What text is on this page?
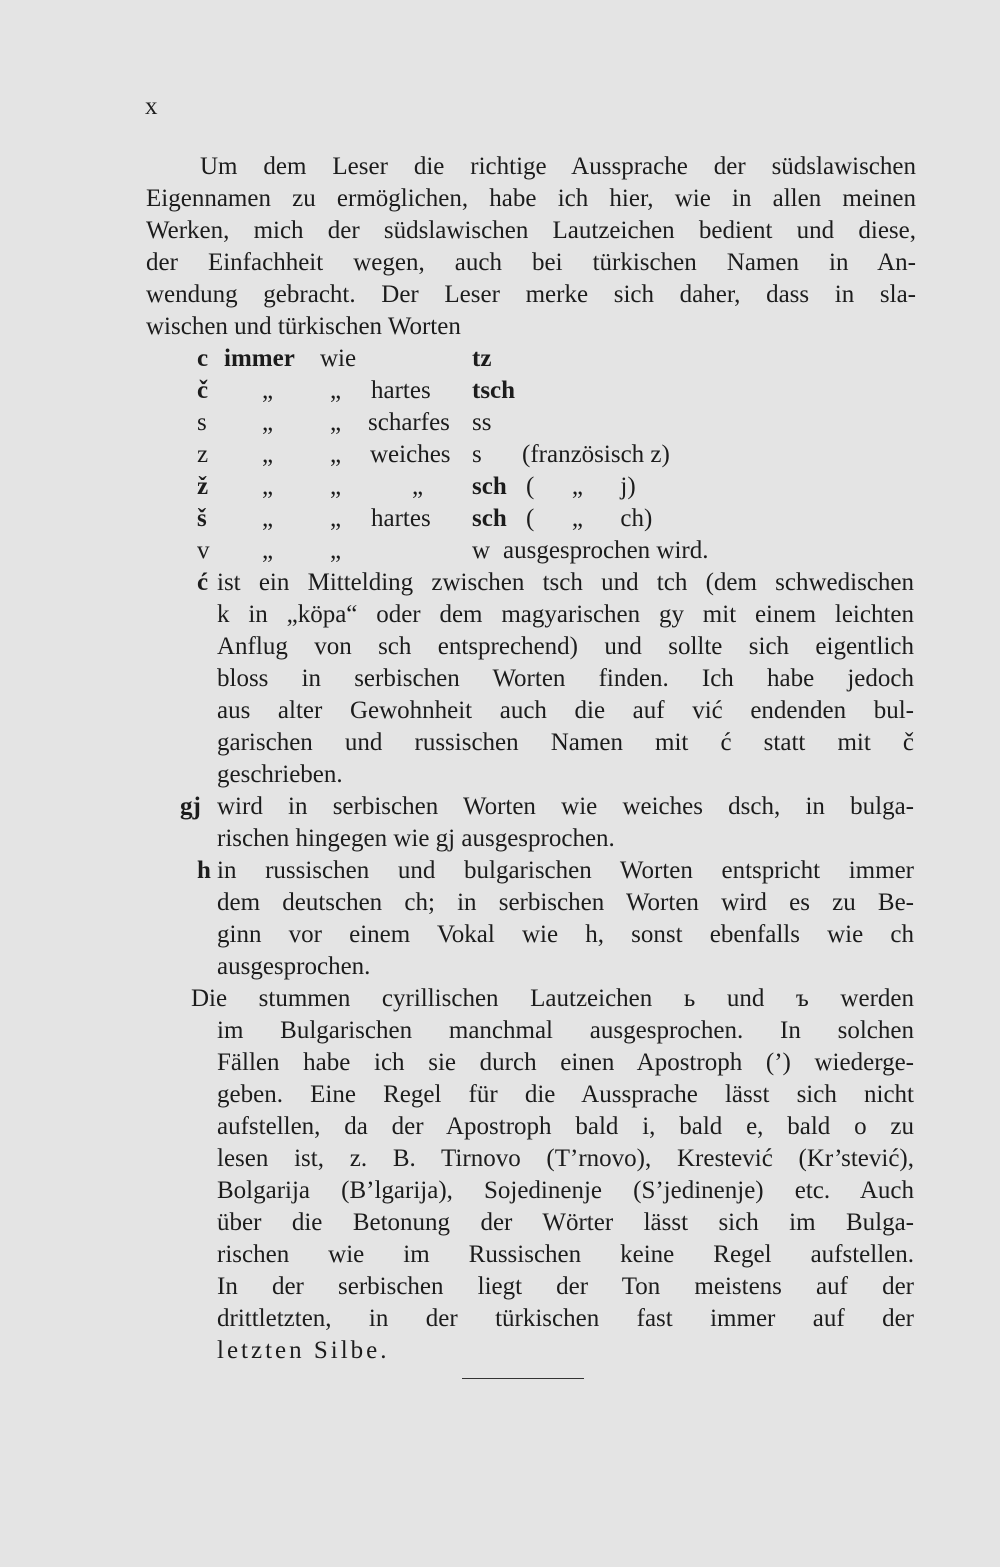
x
Um dem Leser die richtige Aussprache der südslawischen
Eigennamen zu ermöglichen, habe ich hier, wie in allen meinen
Werken, mich der südslawischen Lautzeichen bedient und diese,
der Einfachheit wegen, auch bei türkischen Namen in An-
wendung gebracht. Der Leser merke sich daher, dass in sla-
wischen und türkischen Worten
c immer wie	tz
č „ „ hartes tsch
s „ „ scharfes ss
z „ „ weiches s (französisch z)
ž „ „	„ sch (      „      j)
š „ „ hartes sch (      „      ch)
v „ „	w ausgesprochen wird.
ć ist ein Mittelding zwischen tsch und tch (dem schwedischen
k in „köpa“ oder dem magyarischen gy mit einem leichten
Anflug von sch entsprechend) und sollte sich eigentlich
bloss in serbischen Worten finden. Ich habe jedoch
aus alter Gewohnheit auch die auf vić endenden bul-
garischen und russischen Namen mit ć statt mit č
geschrieben.
gj wird in serbischen Worten wie weiches dsch, in bulga-
rischen hingegen wie gj ausgesprochen.
h in russischen und bulgarischen Worten entspricht immer
dem deutschen ch; in serbischen Worten wird es zu Be-
ginn vor einem Vokal wie h, sonst ebenfalls wie ch
ausgesprochen.
Die stummen cyrillischen Lautzeichen ь und ъ werden
im Bulgarischen manchmal ausgesprochen. In solchen
Fällen habe ich sie durch einen Apostroph (’) wiederge-
geben. Eine Regel für die Aussprache lässt sich nicht
aufstellen, da der Apostroph bald i, bald e, bald o zu
lesen ist, z. B. Tirnovo (T’rnovo), Krestević (Kr’stević),
Bolgarija (B’lgarija), Sojedinenje (S’jedinenje) etc. Auch
über die Betonung der Wörter lässt sich im Bulga-
rischen wie im Russischen keine Regel aufstellen.
In der serbischen liegt der Ton meistens auf der
drittletzten, in der türkischen fast immer auf der
letzten Silbe.
